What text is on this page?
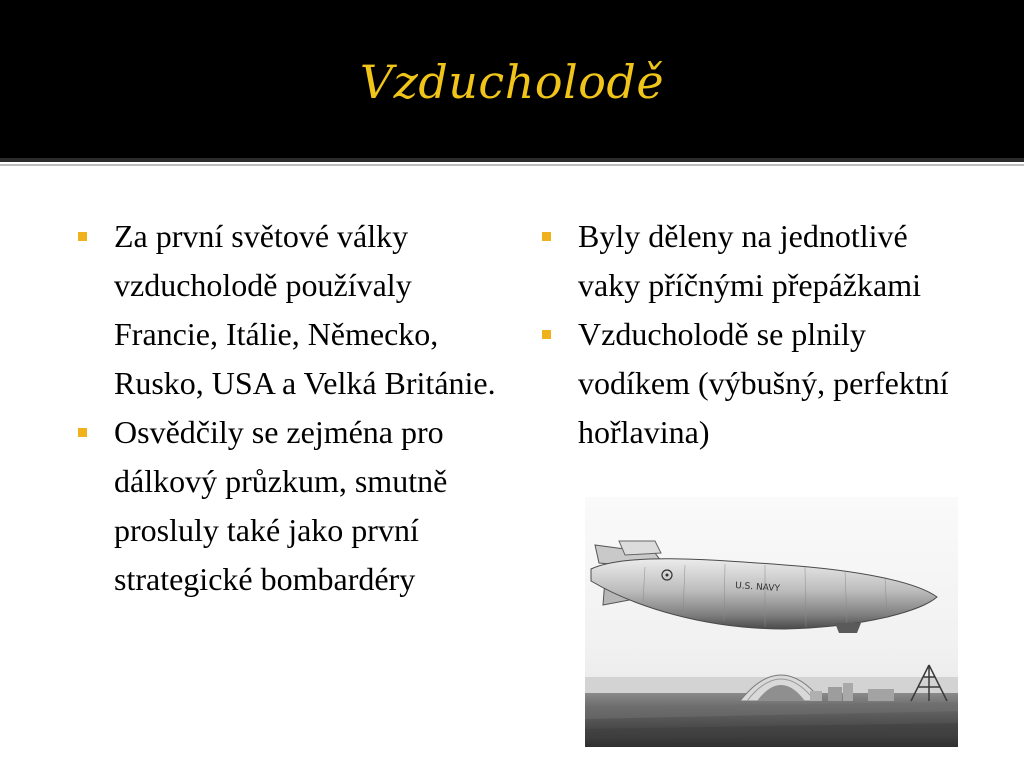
Vzducholodě
Za první světové války vzducholodě používaly Francie, Itálie, Německo, Rusko, USA a Velká Británie.
Osvědčily se zejména pro dálkový průzkum, smutně prosluly také jako první strategické bombardéry
Byly děleny na jednotlivé vaky příčnými přepážkami
Vzducholodě se plnily vodíkem (výbušný, perfektní hořlavina)
U.S. NAVY
